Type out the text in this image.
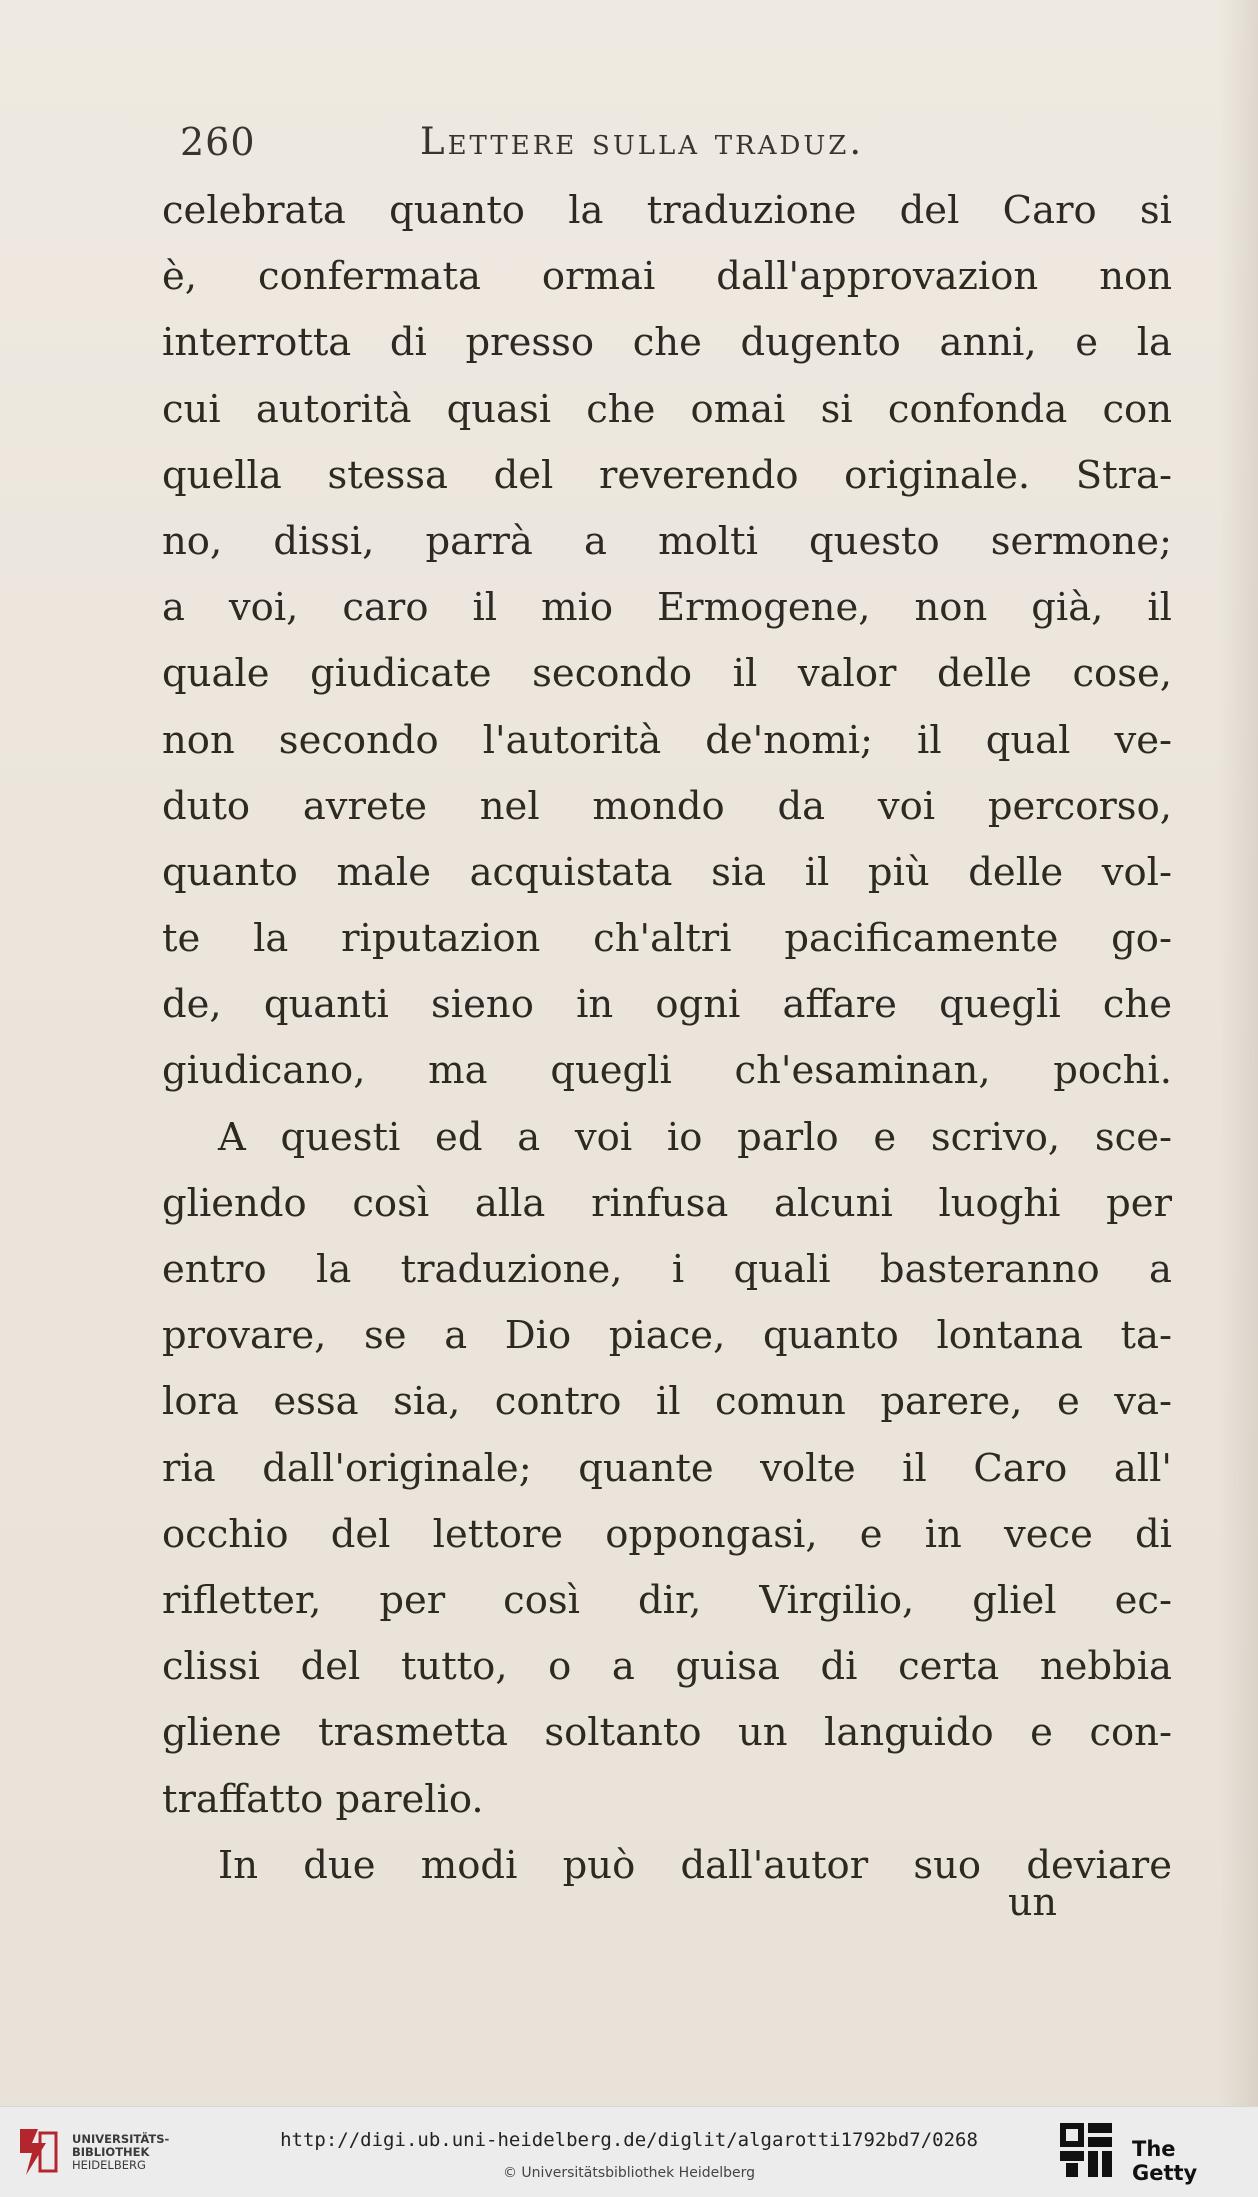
260	Lettere sulla traduz.
celebrata quanto la traduzione del Caro si
è, confermata ormai dall'approvazion non
interrotta di presso che dugento anni, e la
cui autorità quasi che omai si confonda con
quella stessa del reverendo originale. Stra-
no, dissi, parrà a molti questo sermone;
a voi, caro il mio Ermogene, non già, il
quale giudicate secondo il valor delle cose,
non secondo l'autorità de'nomi; il qual ve-
duto avrete nel mondo da voi percorso,
quanto male acquistata sia il più delle vol-
te la riputazion ch'altri pacificamente go-
de, quanti sieno in ogni affare quegli che
giudicano, ma quegli ch'esaminan, pochi.
A questi ed a voi io parlo e scrivo, sce-
gliendo così alla rinfusa alcuni luoghi per
entro la traduzione, i quali basteranno a
provare, se a Dio piace, quanto lontana ta-
lora essa sia, contro il comun parere, e va-
ria dall'originale; quante volte il Caro all'
occhio del lettore oppongasi, e in vece di
rifletter, per così dir, Virgilio, gliel ec-
clissi del tutto, o a guisa di certa nebbia
gliene trasmetta soltanto un languido e con-
traffatto parelio.
In due modi può dall'autor suo deviare
un
UNIVERSITÄTS-
BIBLIOTHEK
HEIDELBERG
http://digi.ub.uni-heidelberg.de/diglit/algarotti1792bd7/0268
© Universitätsbibliothek Heidelberg
The Getty
